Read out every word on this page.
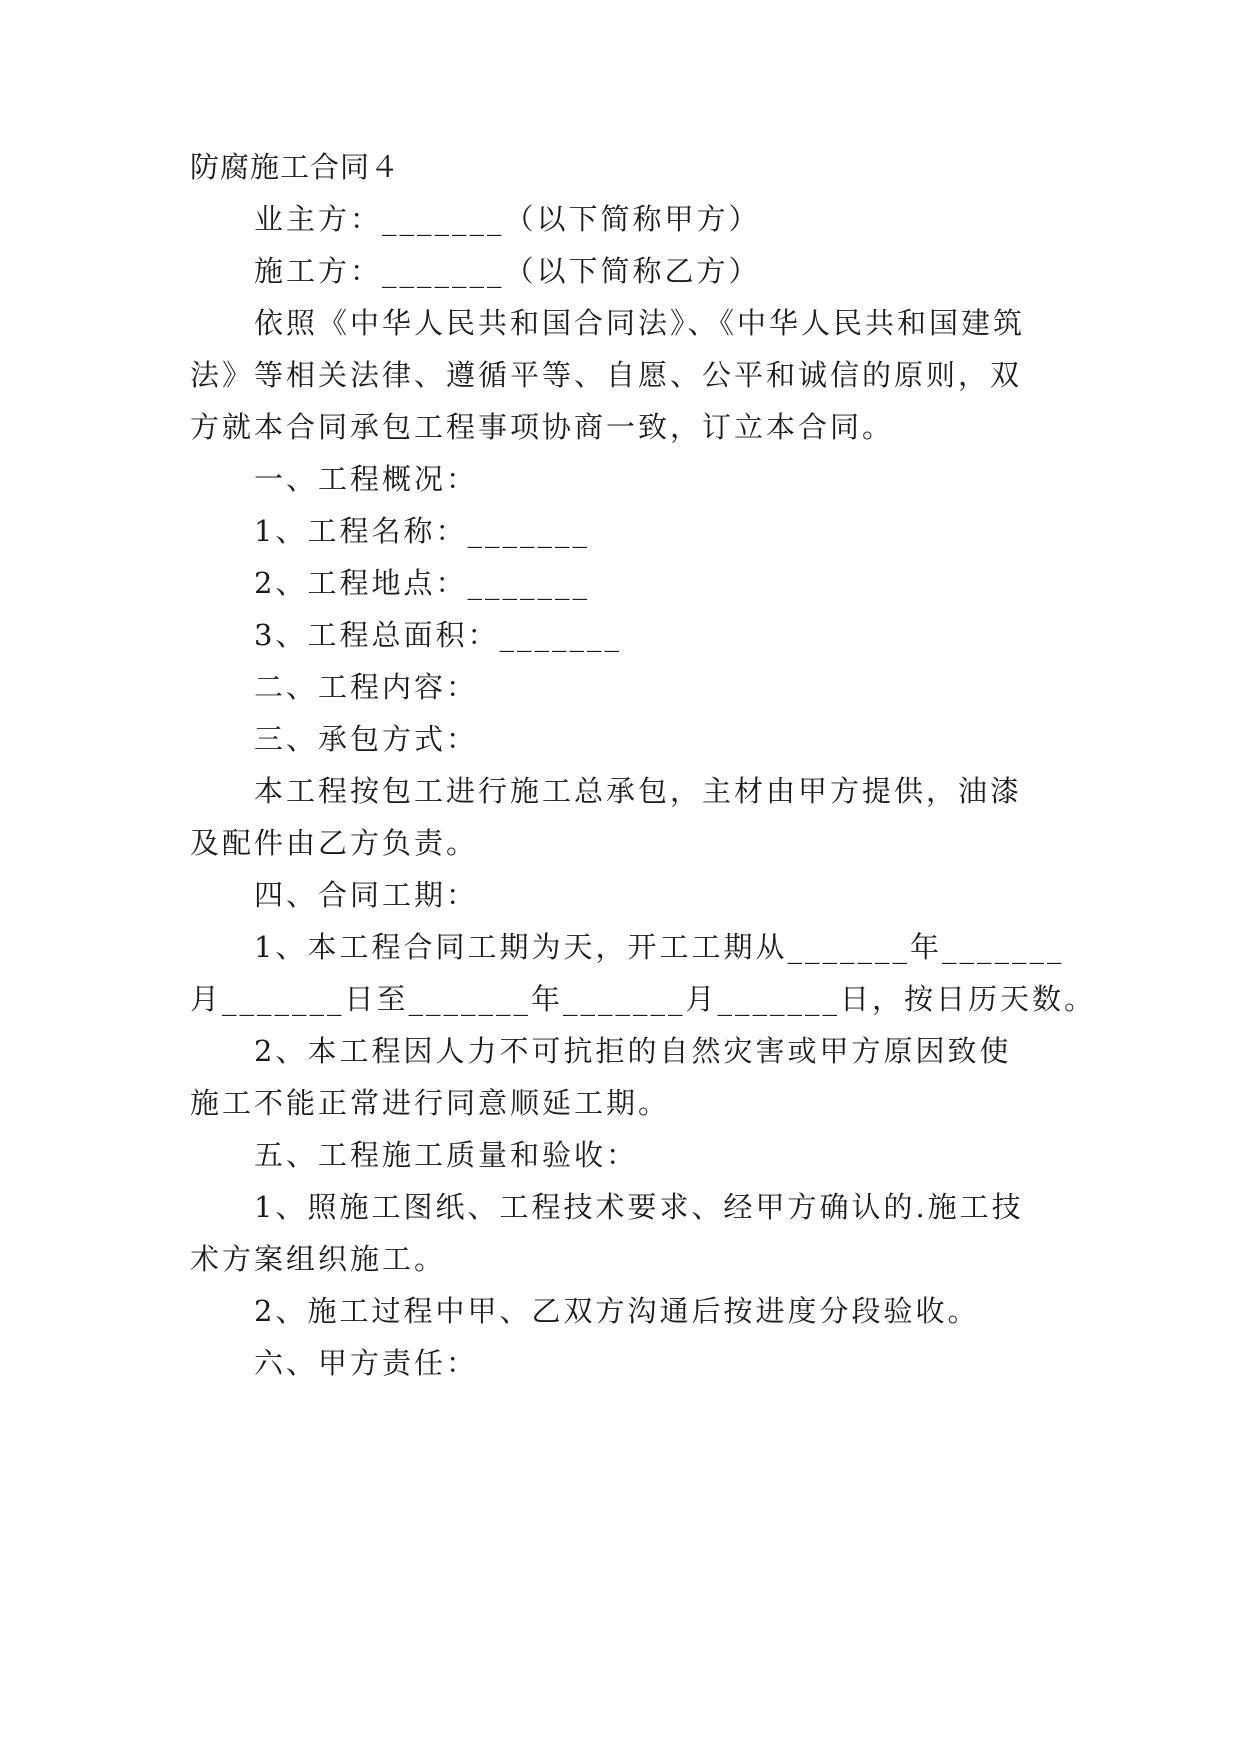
防腐施工合同４
业主方：_______（以下简称甲方）
施工方：_______（以下简称乙方）
依照《中华人民共和国合同法》、《中华人民共和国建筑
法》等相关法律、遵循平等、自愿、公平和诚信的原则，双
方就本合同承包工程事项协商一致，订立本合同。
一、工程概况：
1、工程名称：_______
2、工程地点：_______
3、工程总面积：_______
二、工程内容：
三、承包方式：
本工程按包工进行施工总承包，主材由甲方提供，油漆
及配件由乙方负责。
四、合同工期：
1、本工程合同工期为天，开工工期从_______年_______
月_______日至_______年_______月_______日，按日历天数。
2、本工程因人力不可抗拒的自然灾害或甲方原因致使
施工不能正常进行同意顺延工期。
五、工程施工质量和验收：
1、照施工图纸、工程技术要求、经甲方确认的.施工技
术方案组织施工。
2、施工过程中甲、乙双方沟通后按进度分段验收。
六、甲方责任：
